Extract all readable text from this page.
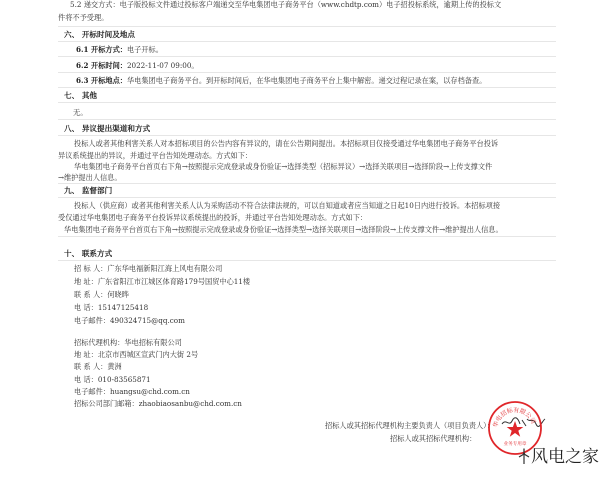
5.2 递交方式：电子版投标文件通过投标客户端递交至华电集团电子商务平台（www.chdtp.com）电子招投标系统，逾期上传的投标文
件将不予受理。
六、 开标时间及地点
6.1 开标方式：电子开标。
6.2 开标时间：2022-11-07 09:00。
6.3 开标地点：华电集团电子商务平台。到开标时间后，在华电集团电子商务平台上集中解密。递交过程记录在案，以存档备查。
七、 其他
无。
八、 异议提出渠道和方式
投标人或者其他利害关系人对本招标项目的公告内容有异议的，请在公告期间提出。本招标项目仅接受通过华电集团电子商务平台投诉
异议系统提出的异议，并通过平台告知处理动态。方式如下：
华电集团电子商务平台首页右下角→按照提示完成登录或身份验证→选择类型（招标异议）→选择关联项目→选择阶段→上传支撑文件
→维护提出人信息。
九、 监督部门
投标人（供应商）或者其他利害关系人认为采购活动不符合法律法规的，可以自知道或者应当知道之日起10日内进行投诉。本招标项接
受仅通过华电集团电子商务平台投诉异议系统提出的投诉，并通过平台告知处理动态。方式如下：
华电集团电子商务平台首页右下角→按照提示完成登录或身份验证→选择类型→选择关联项目→选择阶段→上传支撑文件→维护提出人信息。
十、 联系方式
招 标 人：广东华电福新阳江海上风电有限公司
地 址：广东省阳江市江城区体育路179号国贸中心11楼
联 系 人：何晓晔
电 话：15147125418
电子邮件：490324715@qq.com
招标代理机构：华电招标有限公司
地 址：北京市西城区宣武门内大街 2号
联 系 人：黄洲
电 话：010-83565871
电子邮件：huangsu@chd.com.cn
招标公司部门邮箱：zhaobiaosanbu@chd.com.cn
招标人或其招标代理机构主要负责人（项目负责人）：
招标人或其招标代理机构：
华电招标有限公司
业务专用章
风电之家
